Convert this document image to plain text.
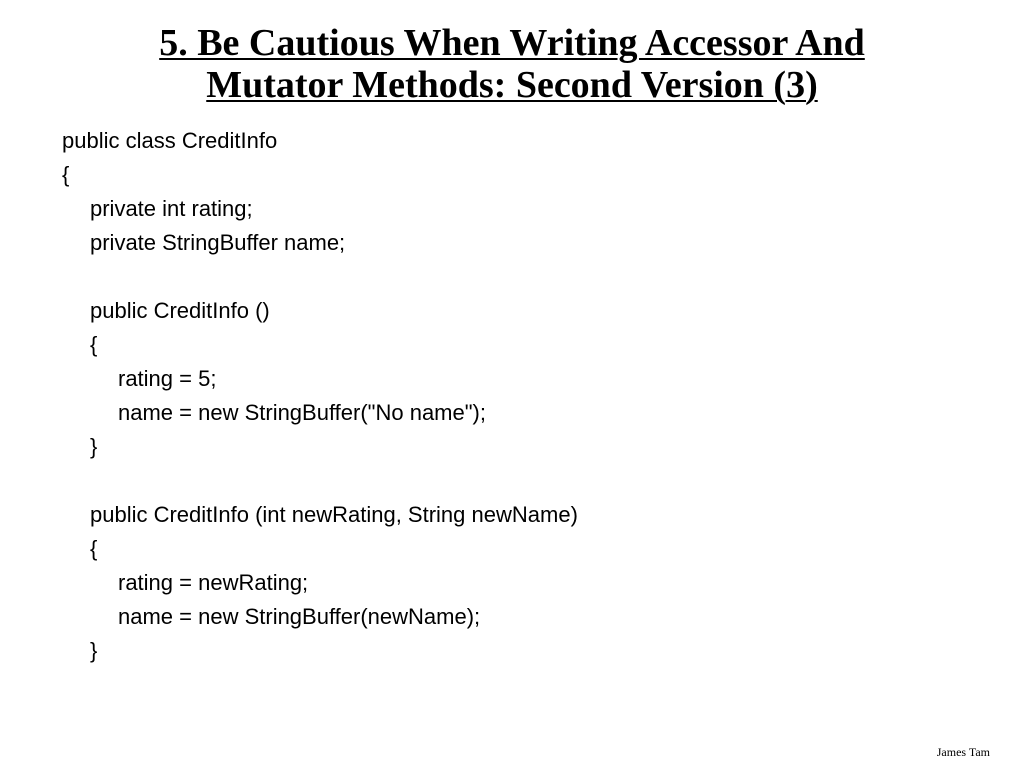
5. Be Cautious When Writing Accessor And
Mutator Methods: Second Version (3)
public class CreditInfo
{
private int rating;
private StringBuffer name;
public CreditInfo ()
{
rating = 5;
name = new StringBuffer("No name");
}
public CreditInfo (int newRating, String newName)
{
rating = newRating;
name = new StringBuffer(newName);
}
James Tam
